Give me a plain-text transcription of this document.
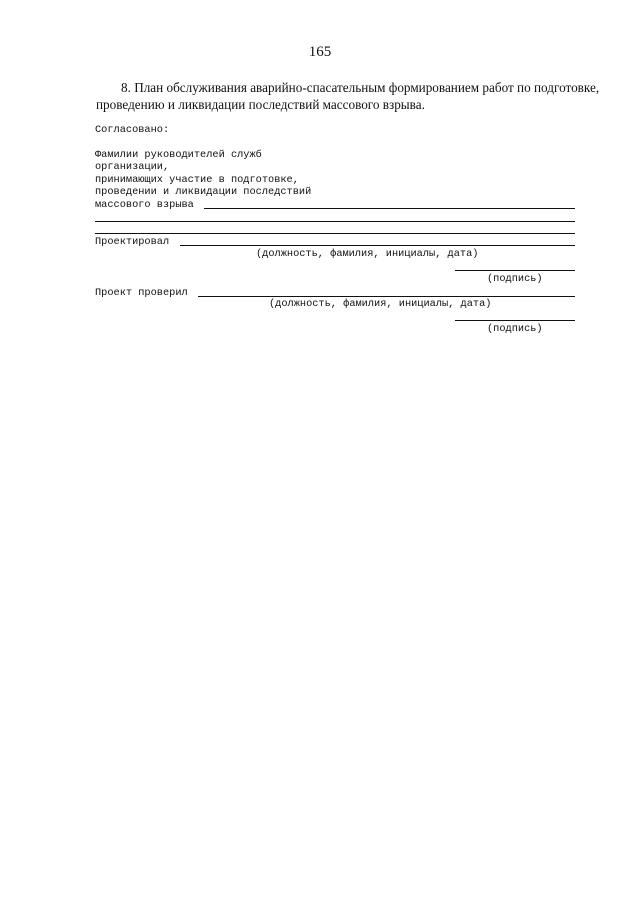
165
8. План обслуживания аварийно-спасательным формированием работ по подготовке,
проведению и ликвидации последствий массового взрыва.
Согласовано:
Фамилии руководителей служб
организации,
принимающих участие в подготовке,
проведении и ликвидации последствий
массового взрыва
Проектировал
(должность, фамилия, инициалы, дата)
(подпись)
Проект проверил
(должность, фамилия, инициалы, дата)
(подпись)
